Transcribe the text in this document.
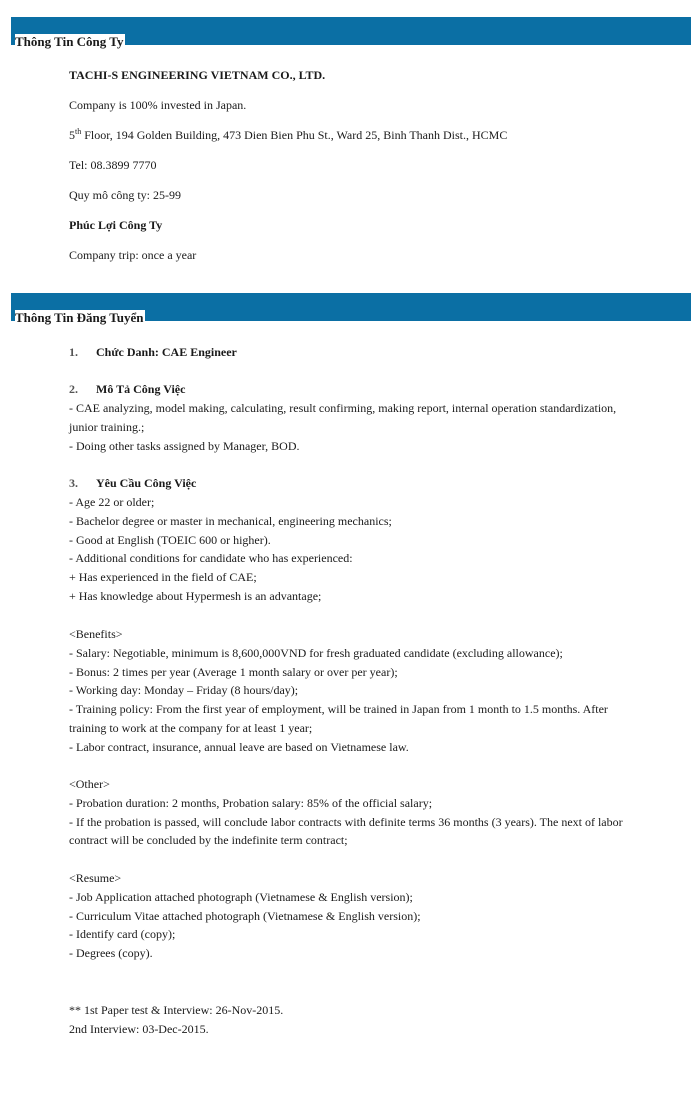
Thông Tin Công Ty

TACHI-S ENGINEERING VIETNAM CO., LTD.

Company is 100% invested in Japan.

5th Floor, 194 Golden Building, 473 Dien Bien Phu St., Ward 25, Binh Thanh Dist., HCMC

Tel: 08.3899 7770

Quy mô công ty: 25-99

Phúc Lợi Công Ty

Company trip: once a year

Thông Tin Đăng Tuyển
1.	Chức Danh: CAE Engineer
2.	Mô Tả Công Việc
- CAE analyzing, model making, calculating, result confirming, making report, internal operation standardization,
junior training.;
- Doing other tasks assigned by Manager, BOD.
3.	Yêu Cầu Công Việc
- Age 22 or older;
- Bachelor degree or master in mechanical, engineering mechanics;
- Good at English (TOEIC 600 or higher).
- Additional conditions for candidate who has experienced:
+ Has experienced in the field of CAE;
+ Has knowledge about Hypermesh is an advantage;
<Benefits>
- Salary: Negotiable, minimum is 8,600,000VND for fresh graduated candidate (excluding allowance);
- Bonus: 2 times per year (Average 1 month salary or over per year);
- Working day: Monday – Friday (8 hours/day);
- Training policy: From the first year of employment, will be trained in Japan from 1 month to 1.5 months. After
training to work at the company for at least 1 year;
- Labor contract, insurance, annual leave are based on Vietnamese law.
<Other>
- Probation duration: 2 months, Probation salary: 85% of the official salary;
- If the probation is passed, will conclude labor contracts with definite terms 36 months (3 years). The next of labor
contract will be concluded by the indefinite term contract;
<Resume>
- Job Application attached photograph (Vietnamese & English version);
- Curriculum Vitae attached photograph (Vietnamese & English version);
- Identify card (copy);
- Degrees (copy).
** 1st Paper test & Interview: 26-Nov-2015.
2nd Interview: 03-Dec-2015.
